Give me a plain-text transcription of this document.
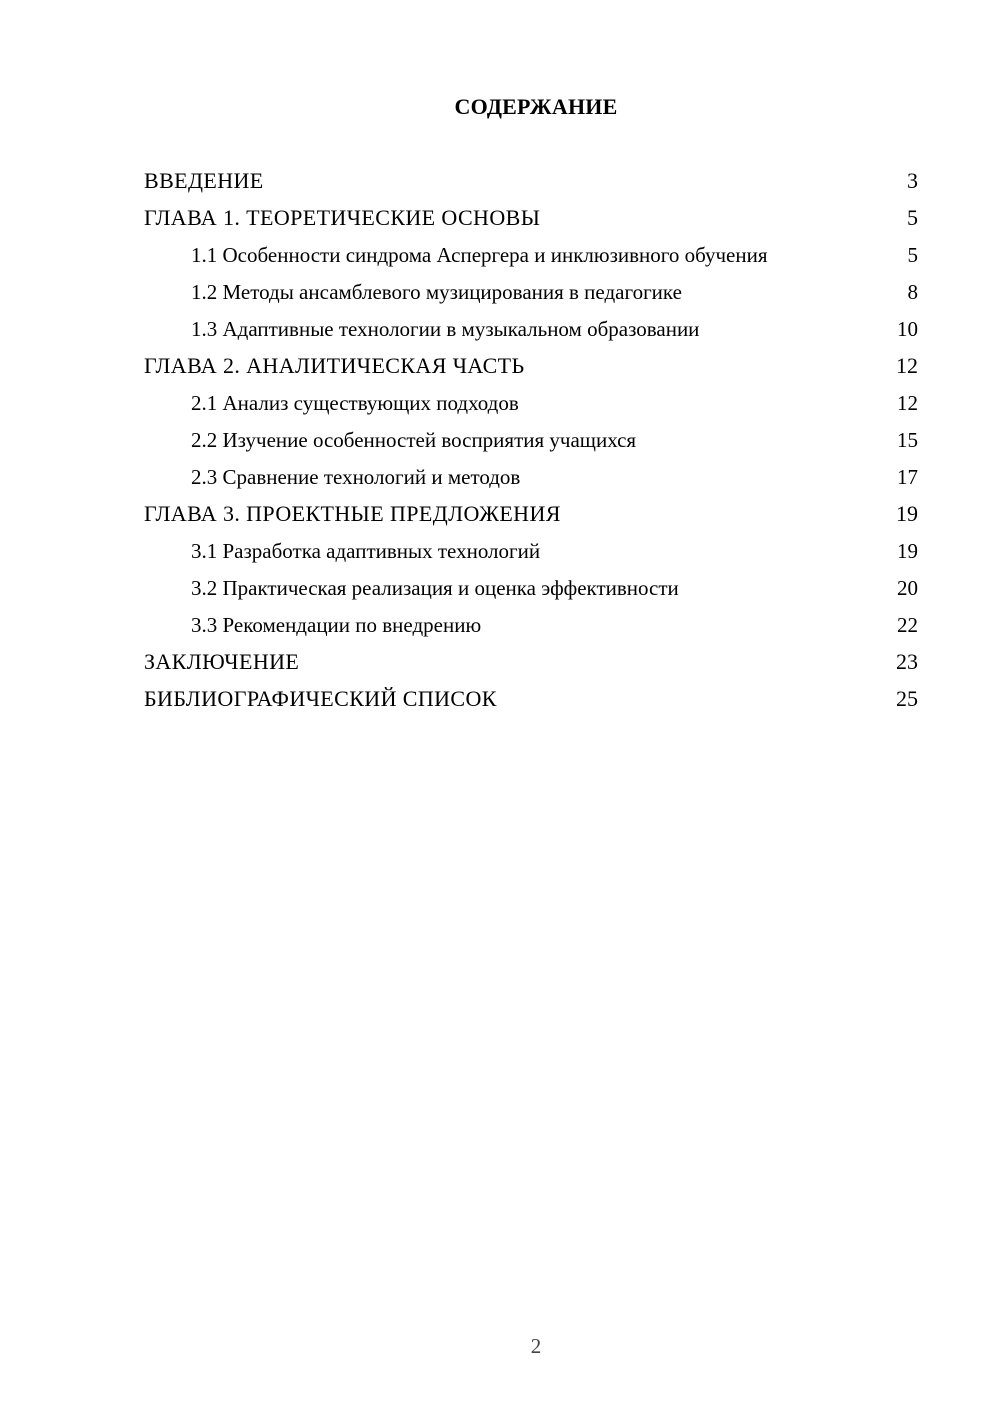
СОДЕРЖАНИЕ
ВВЕДЕНИЕ	3
ГЛАВА 1. ТЕОРЕТИЧЕСКИЕ ОСНОВЫ	5
1.1 Особенности синдрома Аспергера и инклюзивного обучения	5
1.2 Методы ансамблевого музицирования в педагогике	8
1.3 Адаптивные технологии в музыкальном образовании	10
ГЛАВА 2. АНАЛИТИЧЕСКАЯ ЧАСТЬ	12
2.1 Анализ существующих подходов	12
2.2 Изучение особенностей восприятия учащихся	15
2.3 Сравнение технологий и методов	17
ГЛАВА 3. ПРОЕКТНЫЕ ПРЕДЛОЖЕНИЯ	19
3.1 Разработка адаптивных технологий	19
3.2 Практическая реализация и оценка эффективности	20
3.3 Рекомендации по внедрению	22
ЗАКЛЮЧЕНИЕ	23
БИБЛИОГРАФИЧЕСКИЙ СПИСОК	25
2
